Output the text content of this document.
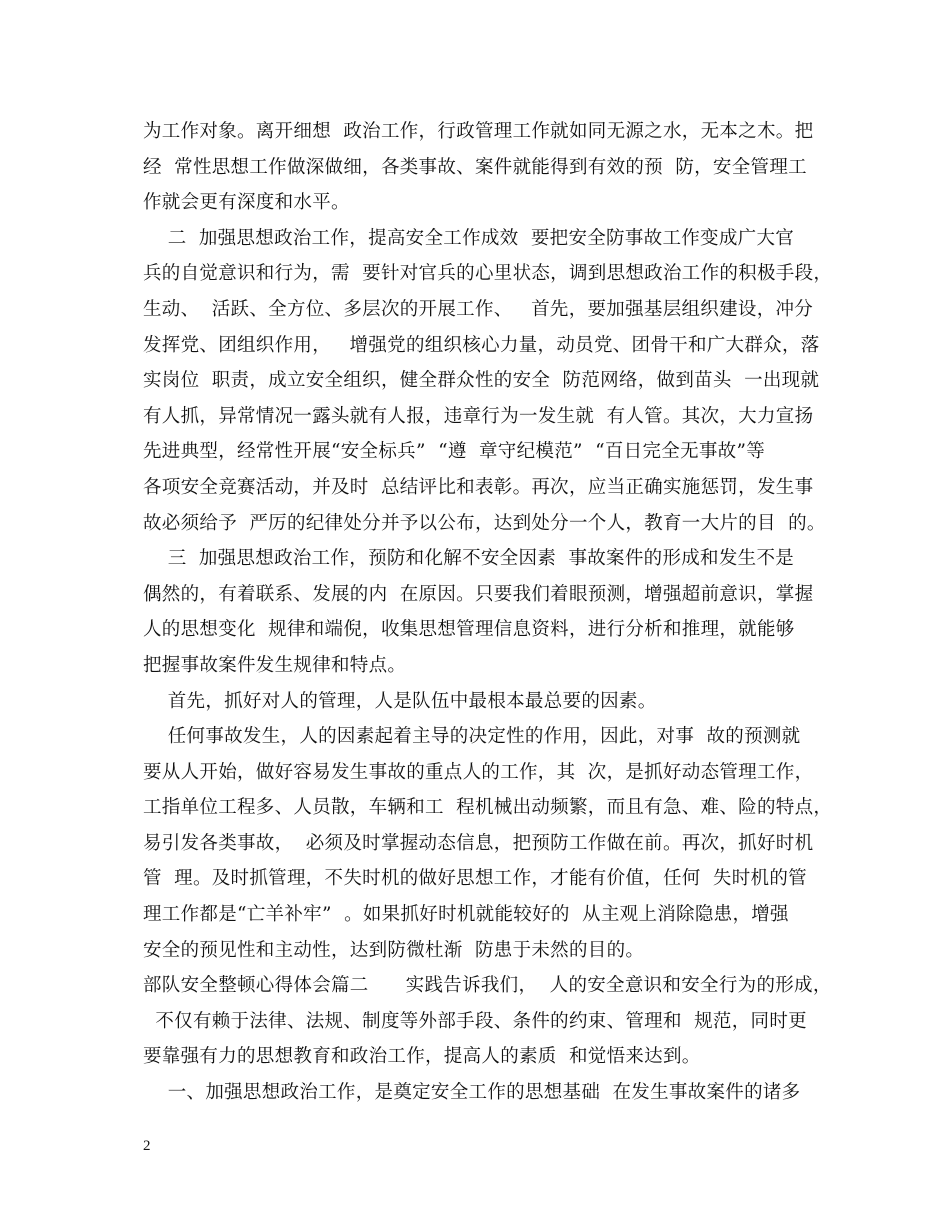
为工作对象。离开细想  政治工作，行政管理工作就如同无源之水，无本之木。把
经  常性思想工作做深做细，各类事故、案件就能得到有效的预  防，安全管理工
作就会更有深度和水平。
二  加强思想政治工作，提高安全工作成效  要把安全防事故工作变成广大官
兵的自觉意识和行为，需  要针对官兵的心里状态，调到思想政治工作的积极手段，
生动、  活跃、全方位、多层次的开展工作、   首先，要加强基层组织建设，冲分
发挥党、团组织作用，   增强党的组织核心力量，动员党、团骨干和广大群众，落
实岗位  职责，成立安全组织，健全群众性的安全  防范网络，做到苗头  一出现就
有人抓，异常情况一露头就有人报，违章行为一发生就  有人管。其次，大力宣扬
先进典型，经常性开展“安全标兵”  “遵  章守纪模范”  “百日完全无事故”等
各项安全竞赛活动，并及时  总结评比和表彰。再次，应当正确实施惩罚，发生事
故必须给予  严厉的纪律处分并予以公布，达到处分一个人，教育一大片的目  的。
三  加强思想政治工作，预防和化解不安全因素  事故案件的形成和发生不是
偶然的，有着联系、发展的内  在原因。只要我们着眼预测，增强超前意识，掌握
人的思想变化  规律和端倪，收集思想管理信息资料，进行分析和推理，就能够
把握事故案件发生规律和特点。
首先，抓好对人的管理，人是队伍中最根本最总要的因素。
任何事故发生，人的因素起着主导的决定性的作用，因此，对事  故的预测就
要从人开始，做好容易发生事故的重点人的工作，其  次，是抓好动态管理工作，
工指单位工程多、人员散，车辆和工  程机械出动频繁，而且有急、难、险的特点，
易引发各类事故，  必须及时掌握动态信息，把预防工作做在前。再次，抓好时机
管  理。及时抓管理，不失时机的做好思想工作，才能有价值，任何  失时机的管
理工作都是“亡羊补牢”  。如果抓好时机就能较好的  从主观上消除隐患，增强
安全的预见性和主动性，达到防微杜渐  防患于未然的目的。
部队安全整顿心得体会篇二      实践告诉我们，  人的安全意识和安全行为的形成，
不仅有赖于法律、法规、制度等外部手段、条件的约束、管理和  规范，同时更
要靠强有力的思想教育和政治工作，提高人的素质  和觉悟来达到。
一、加强思想政治工作，是奠定安全工作的思想基础  在发生事故案件的诸多
2
